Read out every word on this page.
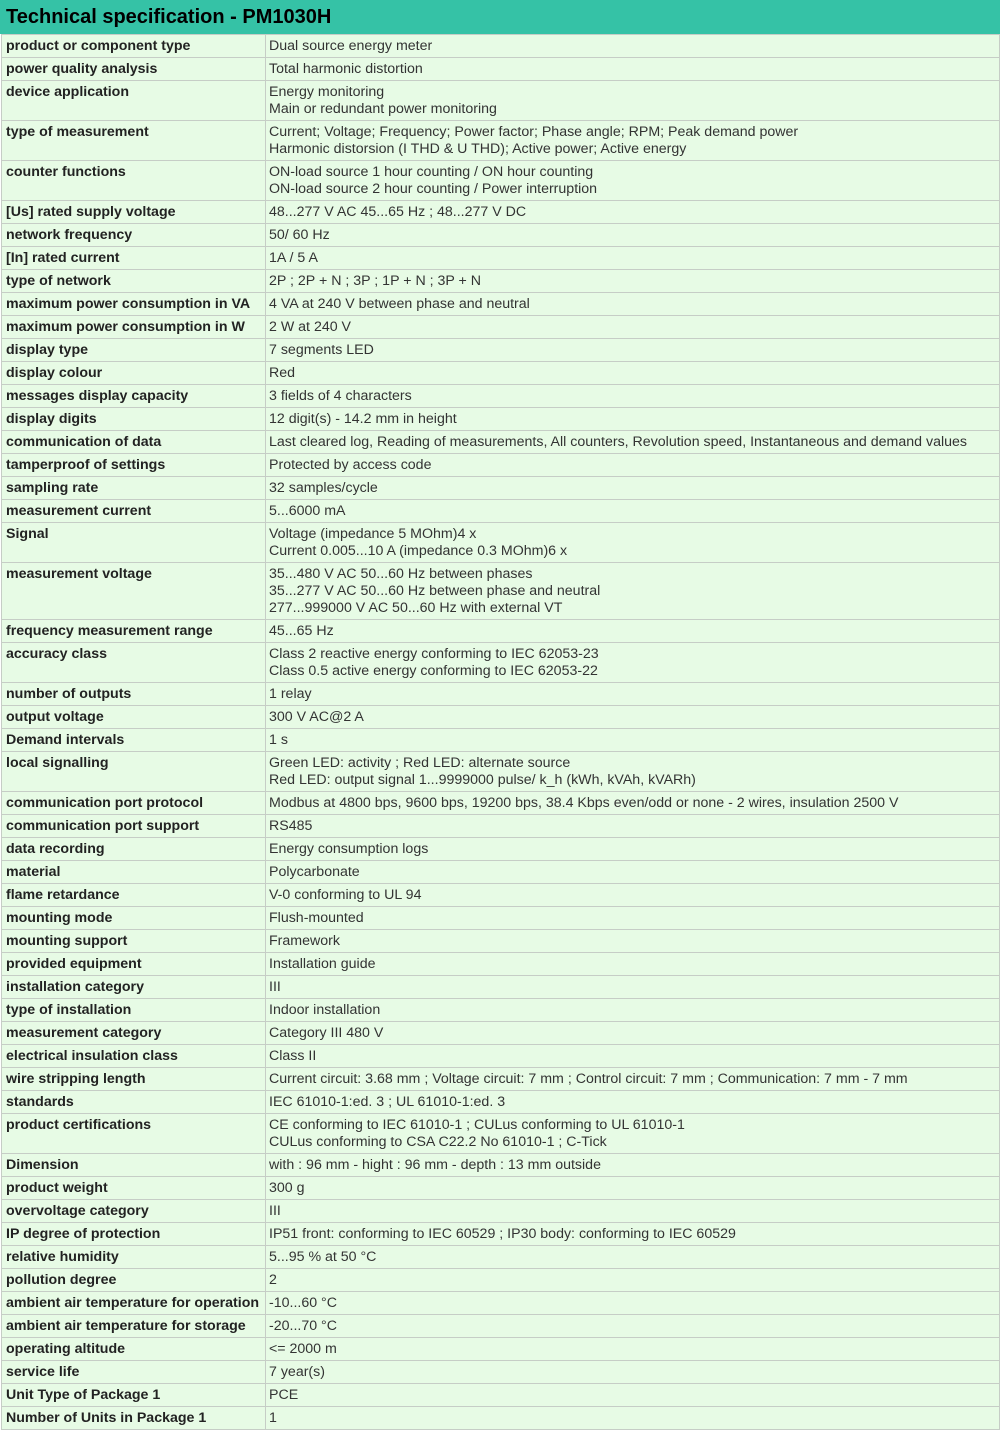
Technical specification - PM1030H
product or component type	Dual source energy meter

power quality analysis	Total harmonic distortion

device application	Energy monitoring
Main or redundant power monitoring

type of measurement	Current; Voltage; Frequency; Power factor; Phase angle; RPM; Peak demand power
Harmonic distorsion (I THD & U THD); Active power; Active energy

counter functions	ON-load source 1 hour counting / ON hour counting
ON-load source 2 hour counting / Power interruption

[Us] rated supply voltage	48...277 V AC 45...65 Hz ; 48...277 V DC

network frequency	50/ 60 Hz

[In] rated current	1A / 5 A

type of network	2P ; 2P + N ; 3P ; 1P + N ; 3P + N

maximum power consumption in VA	4 VA at 240 V between phase and neutral

maximum power consumption in W	2 W at 240 V

display type	7 segments LED

display colour	Red

messages display capacity	3 fields of 4 characters

display digits	12 digit(s) - 14.2 mm in height

communication of data	Last cleared log, Reading of measurements, All counters, Revolution speed, Instantaneous and demand values

tamperproof of settings	Protected by access code

sampling rate	32 samples/cycle

measurement current	5...6000 mA

Signal	Voltage (impedance 5 MOhm)4 x
Current 0.005...10 A (impedance 0.3 MOhm)6 x

measurement voltage	35...480 V AC 50...60 Hz between phases
35...277 V AC 50...60 Hz between phase and neutral
277...999000 V AC 50...60 Hz with external VT

frequency measurement range	45...65 Hz

accuracy class	Class 2 reactive energy conforming to IEC 62053-23
Class 0.5 active energy conforming to IEC 62053-22

number of outputs	1 relay

output voltage	300 V AC@2 A

Demand intervals	1 s

local signalling	Green LED: activity ; Red LED: alternate source
Red LED: output signal 1...9999000 pulse/ k_h (kWh, kVAh, kVARh)

communication port protocol	Modbus at 4800 bps, 9600 bps, 19200 bps, 38.4 Kbps even/odd or none - 2 wires, insulation 2500 V

communication port support	RS485

data recording	Energy consumption logs

material	Polycarbonate

flame retardance	V-0 conforming to UL 94

mounting mode	Flush-mounted

mounting support	Framework

provided equipment	Installation guide

installation category	III

type of installation	Indoor installation

measurement category	Category III 480 V

electrical insulation class	Class II

wire stripping length	Current circuit: 3.68 mm ; Voltage circuit: 7 mm ; Control circuit: 7 mm ; Communication: 7 mm - 7 mm

standards	IEC 61010-1:ed. 3 ; UL 61010-1:ed. 3

product certifications	CE conforming to IEC 61010-1 ; CULus conforming to UL 61010-1
CULus conforming to CSA C22.2 No 61010-1 ; C-Tick

Dimension	with : 96 mm - hight : 96 mm - depth : 13 mm outside

product weight	300 g

overvoltage category	III

IP degree of protection	IP51 front: conforming to IEC 60529 ; IP30 body: conforming to IEC 60529

relative humidity	5...95 % at 50 °C

pollution degree	2

ambient air temperature for operation	-10...60 °C

ambient air temperature for storage	-20...70 °C

operating altitude	<= 2000 m

service life	7 year(s)

Unit Type of Package 1	PCE

Number of Units in Package 1	1
